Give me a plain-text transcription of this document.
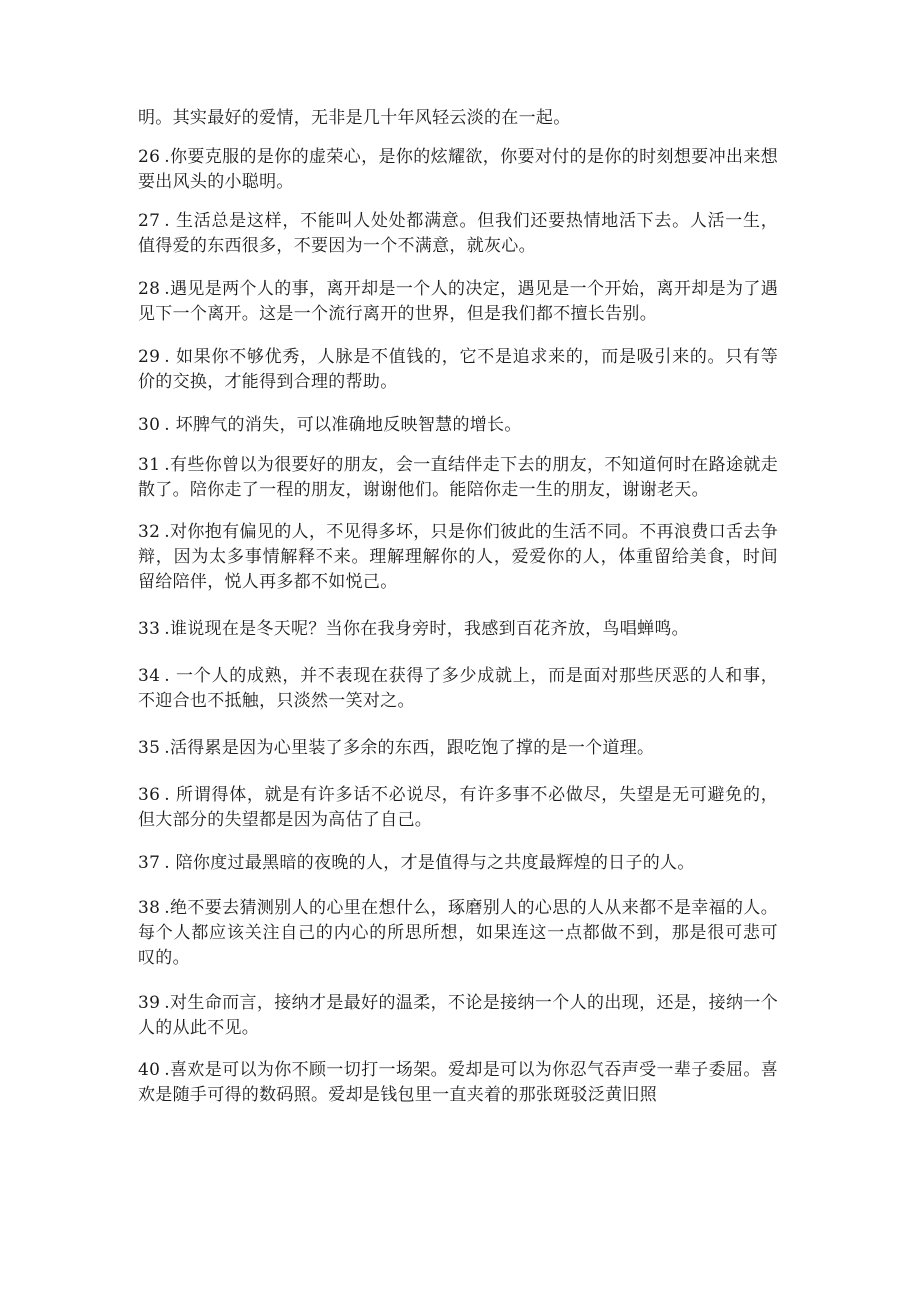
明。其实最好的爱情，无非是几十年风轻云淡的在一起。

26 .你要克服的是你的虚荣心，是你的炫耀欲，你要对付的是你的时刻想要冲出来想要出风头的小聪明。

27 . 生活总是这样，不能叫人处处都满意。但我们还要热情地活下去。人活一生，值得爱的东西很多，不要因为一个不满意，就灰心。

28 .遇见是两个人的事，离开却是一个人的决定，遇见是一个开始，离开却是为了遇见下一个离开。这是一个流行离开的世界，但是我们都不擅长告别。

29 . 如果你不够优秀，人脉是不值钱的，它不是追求来的，而是吸引来的。只有等价的交换，才能得到合理的帮助。

30 . 坏脾气的消失，可以准确地反映智慧的增长。

31 .有些你曾以为很要好的朋友，会一直结伴走下去的朋友，不知道何时在路途就走散了。陪你走了一程的朋友，谢谢他们。能陪你走一生的朋友，谢谢老天。

32 .对你抱有偏见的人，不见得多坏，只是你们彼此的生活不同。不再浪费口舌去争辩，因为太多事情解释不来。理解理解你的人，爱爱你的人，体重留给美食，时间留给陪伴，悦人再多都不如悦己。

33 .谁说现在是冬天呢？当你在我身旁时，我感到百花齐放，鸟唱蝉鸣。

34 . 一个人的成熟，并不表现在获得了多少成就上，而是面对那些厌恶的人和事，不迎合也不抵触，只淡然一笑对之。

35 .活得累是因为心里装了多余的东西，跟吃饱了撑的是一个道理。

36 . 所谓得体，就是有许多话不必说尽，有许多事不必做尽，失望是无可避免的，但大部分的失望都是因为高估了自己。

37 . 陪你度过最黑暗的夜晚的人，才是值得与之共度最辉煌的日子的人。

38 .绝不要去猜测别人的心里在想什么，琢磨别人的心思的人从来都不是幸福的人。每个人都应该关注自己的内心的所思所想，如果连这一点都做不到，那是很可悲可叹的。

39 .对生命而言，接纳才是最好的温柔，不论是接纳一个人的出现，还是，接纳一个人的从此不见。

40 .喜欢是可以为你不顾一切打一场架。爱却是可以为你忍气吞声受一辈子委屈。喜欢是随手可得的数码照。爱却是钱包里一直夹着的那张斑驳泛黄旧照
